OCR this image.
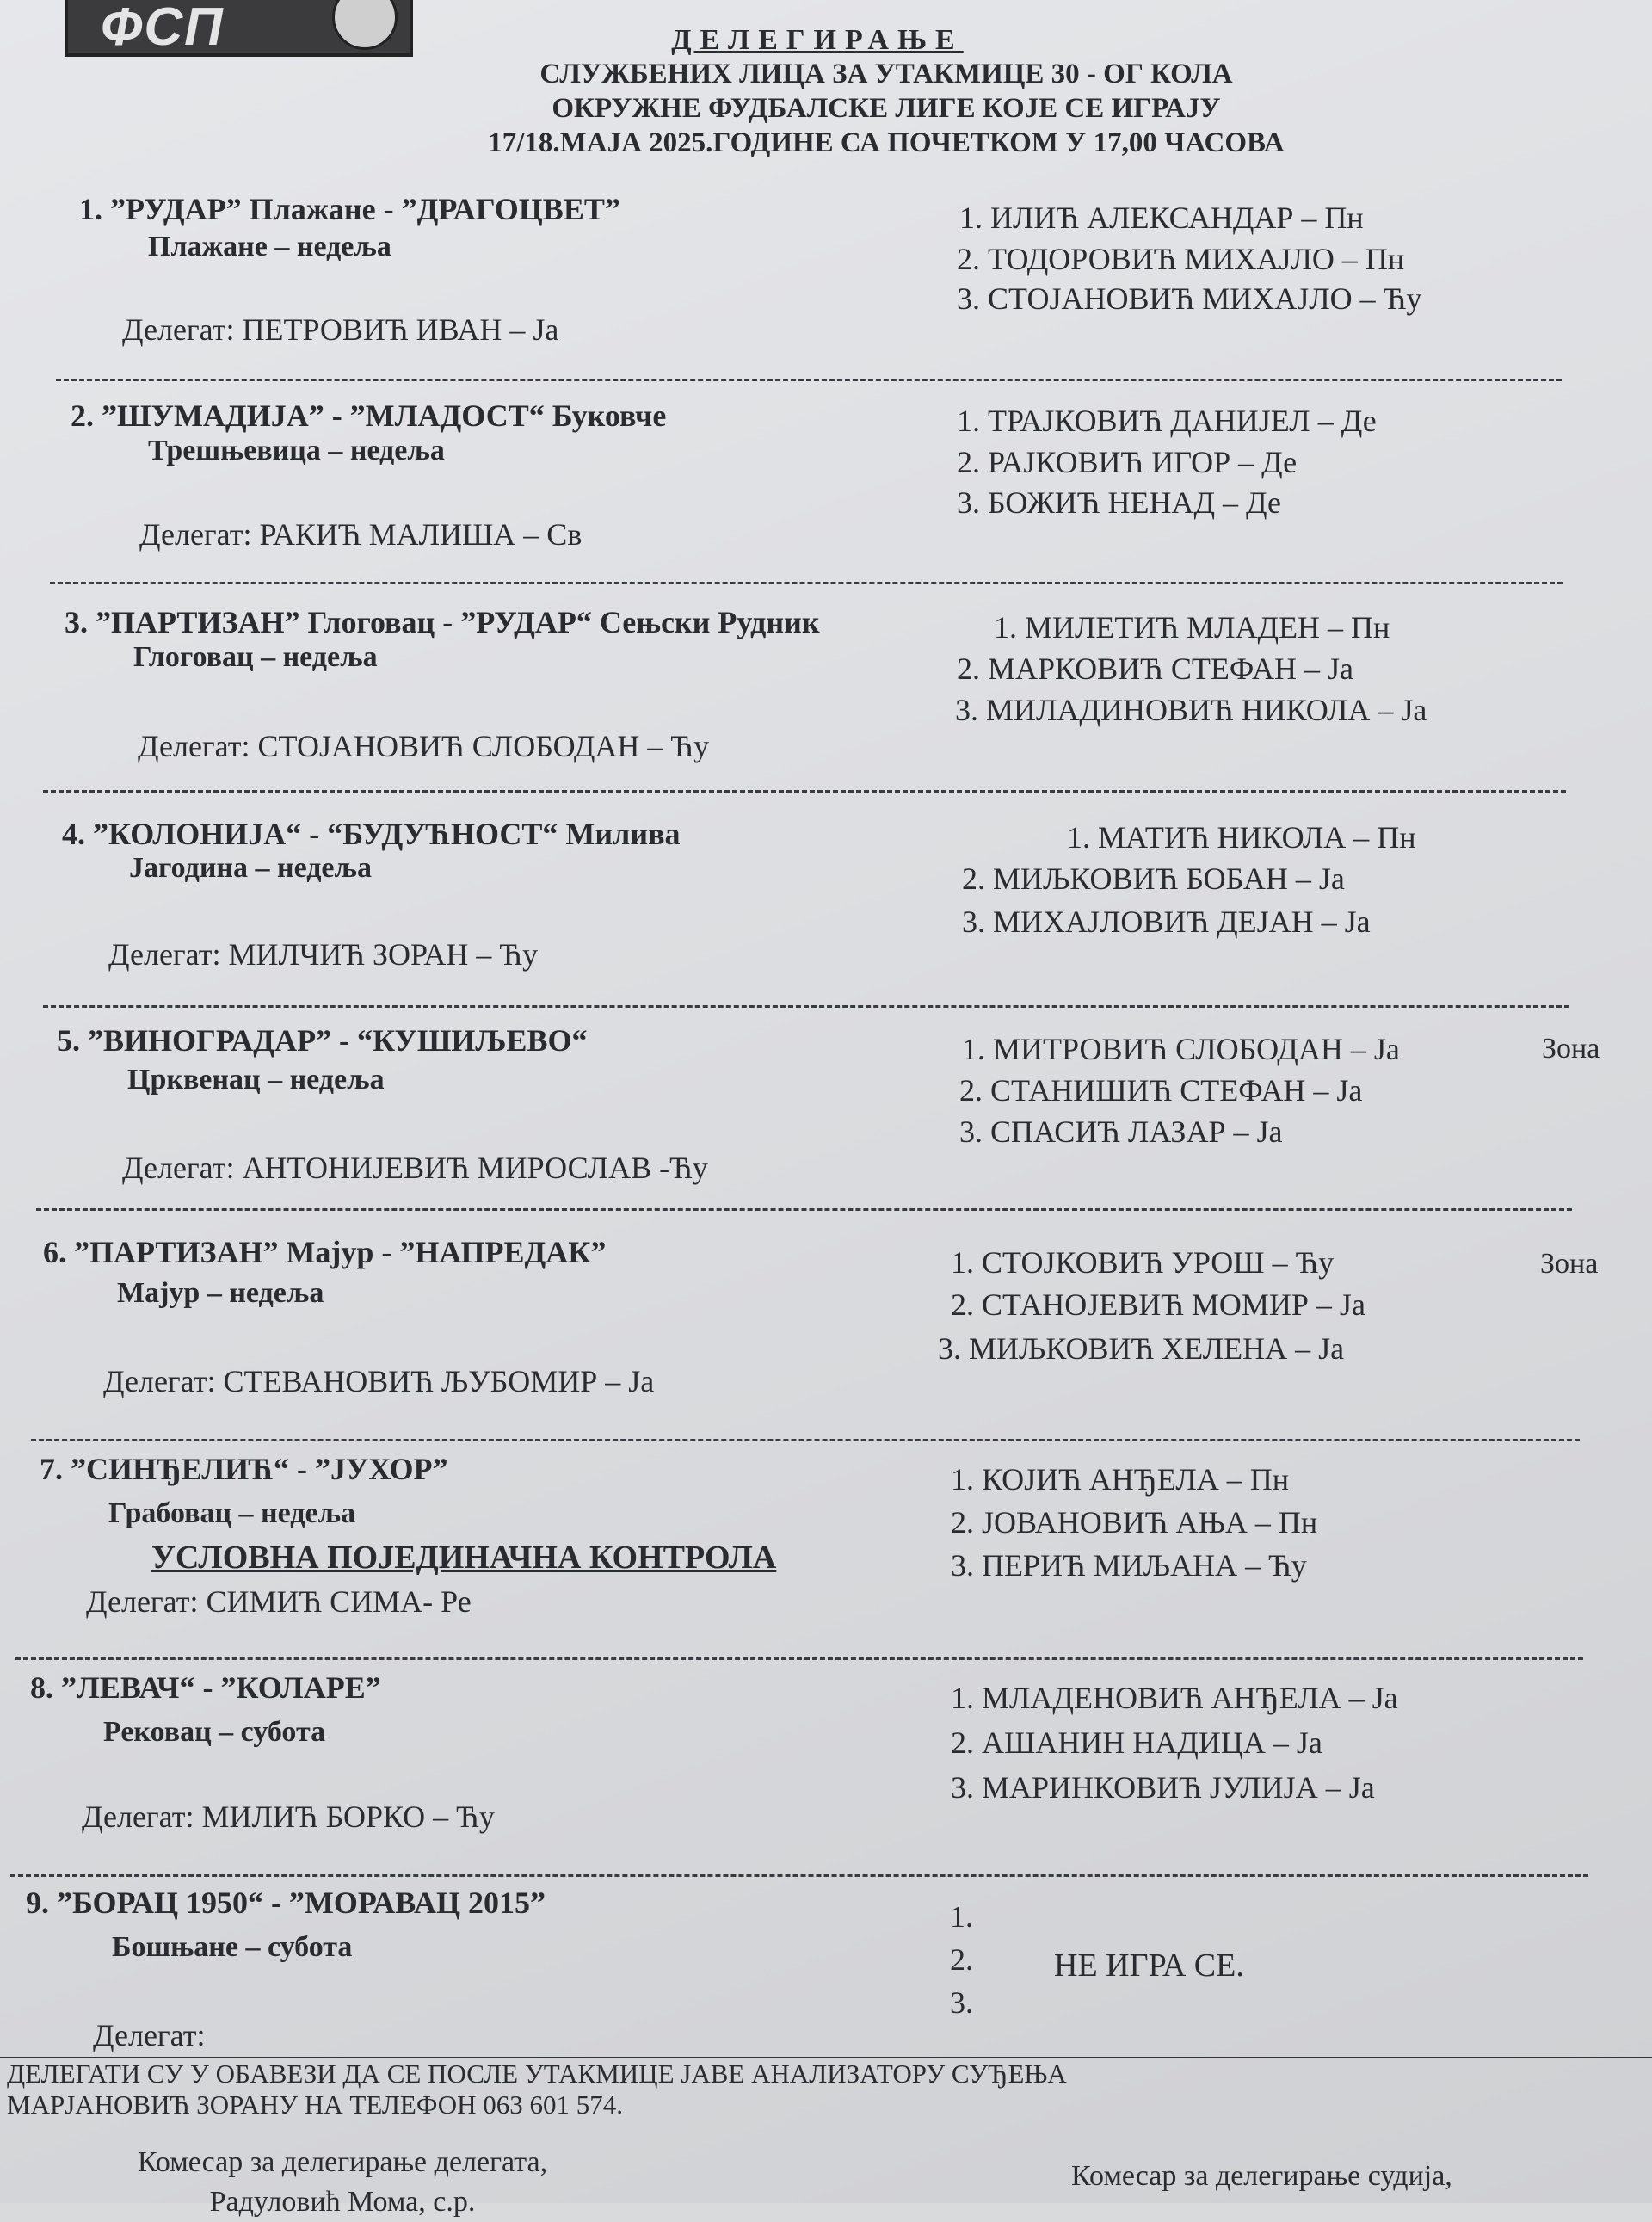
ФСП	ДЕЛЕГИРАЊЕ
СЛУЖБЕНИХ ЛИЦА ЗА УТАКМИЦЕ 30 - ОГ КОЛА
ОКРУЖНЕ ФУДБАЛСКЕ ЛИГЕ КОЈЕ СЕ ИГРАЈУ
17/18.МАЈА 2025.ГОДИНЕ СА ПОЧЕТКОМ У 17,00 ЧАСОВА
1. ”РУДАР” Плажане - ”ДРАГОЦВЕТ”
Плажане – недеља
Делегат: ПЕТРОВИЋ ИВАН – Ја
1. ИЛИЋ АЛЕКСАНДАР – Пн
2. ТОДОРОВИЋ МИХАЈЛО – Пн
3. СТОЈАНОВИЋ МИХАЈЛО – Ћу
2. ”ШУМАДИЈА” - ”МЛАДОСТ“ Буковче
Трешњевица – недеља
Делегат: РАКИЋ МАЛИША – Св
1. ТРАЈКОВИЋ ДАНИЈЕЛ – Де
2. РАЈКОВИЋ ИГОР – Де
3. БОЖИЋ НЕНАД – Де
3. ”ПАРТИЗАН” Глоговац - ”РУДАР“ Сењски Рудник
Глоговац – недеља
Делегат: СТОЈАНОВИЋ СЛОБОДАН – Ћу
1. МИЛЕТИЋ МЛАДЕН – Пн
2. МАРКОВИЋ СТЕФАН – Ја
3. МИЛАДИНОВИЋ НИКОЛА – Ја
4. ”КОЛОНИЈА“ - “БУДУЋНОСТ“ Милива
Јагодина – недеља
Делегат: МИЛЧИЋ ЗОРАН – Ћу
1. МАТИЋ НИКОЛА – Пн
2. МИЉКОВИЋ БОБАН – Ја
3. МИХАЈЛОВИЋ ДЕЈАН – Ја
5. ”ВИНОГРАДАР” - “КУШИЉЕВО“
Црквенац – недеља
Делегат: АНТОНИЈЕВИЋ МИРОСЛАВ -Ћу
1. МИТРОВИЋ СЛОБОДАН – Ја
2. СТАНИШИЋ СТЕФАН – Ја
3. СПАСИЋ ЛАЗАР – Ја
Зона
6. ”ПАРТИЗАН” Мајур - ”НАПРЕДАК”
Мајур – недеља
Делегат: СТЕВАНОВИЋ ЉУБОМИР – Ја
1. СТОЈКОВИЋ УРОШ – Ћу
2. СТАНОЈЕВИЋ МОМИР – Ја
3. МИЉКОВИЋ ХЕЛЕНА – Ја
Зона
7. ”СИНЂЕЛИЋ“ - ”ЈУХОР”
Грабовац – недеља
УСЛОВНА ПОЈЕДИНАЧНА КОНТРОЛА
Делегат: СИМИЋ СИМА- Ре
1. КОЈИЋ АНЂЕЛА – Пн
2. ЈОВАНОВИЋ АЊА – Пн
3. ПЕРИЋ МИЉАНА – Ћу
8. ”ЛЕВАЧ“ - ”КОЛАРЕ”
Рековац – субота
Делегат: МИЛИЋ БОРКО – Ћу
1. МЛАДЕНОВИЋ АНЂЕЛА – Ја
2. АШАНИН НАДИЦА – Ја
3. МАРИНКОВИЋ ЈУЛИЈА – Ја
9. ”БОРАЦ 1950“ - ”МОРАВАЦ 2015”
Бошњане – субота
Делегат:
1.
2.
3.
НЕ ИГРА СЕ.
ДЕЛЕГАТИ СУ У ОБАВЕЗИ ДА СЕ ПОСЛЕ УТАКМИЦЕ ЈАВЕ АНАЛИЗАТОРУ СУЂЕЊА
МАРЈАНОВИЋ ЗОРАНУ НА ТЕЛЕФОН 063 601 574.
Комесар за делегирање делегата,
Радуловић Мома, с.р.
Комесар за делегирање судија,
